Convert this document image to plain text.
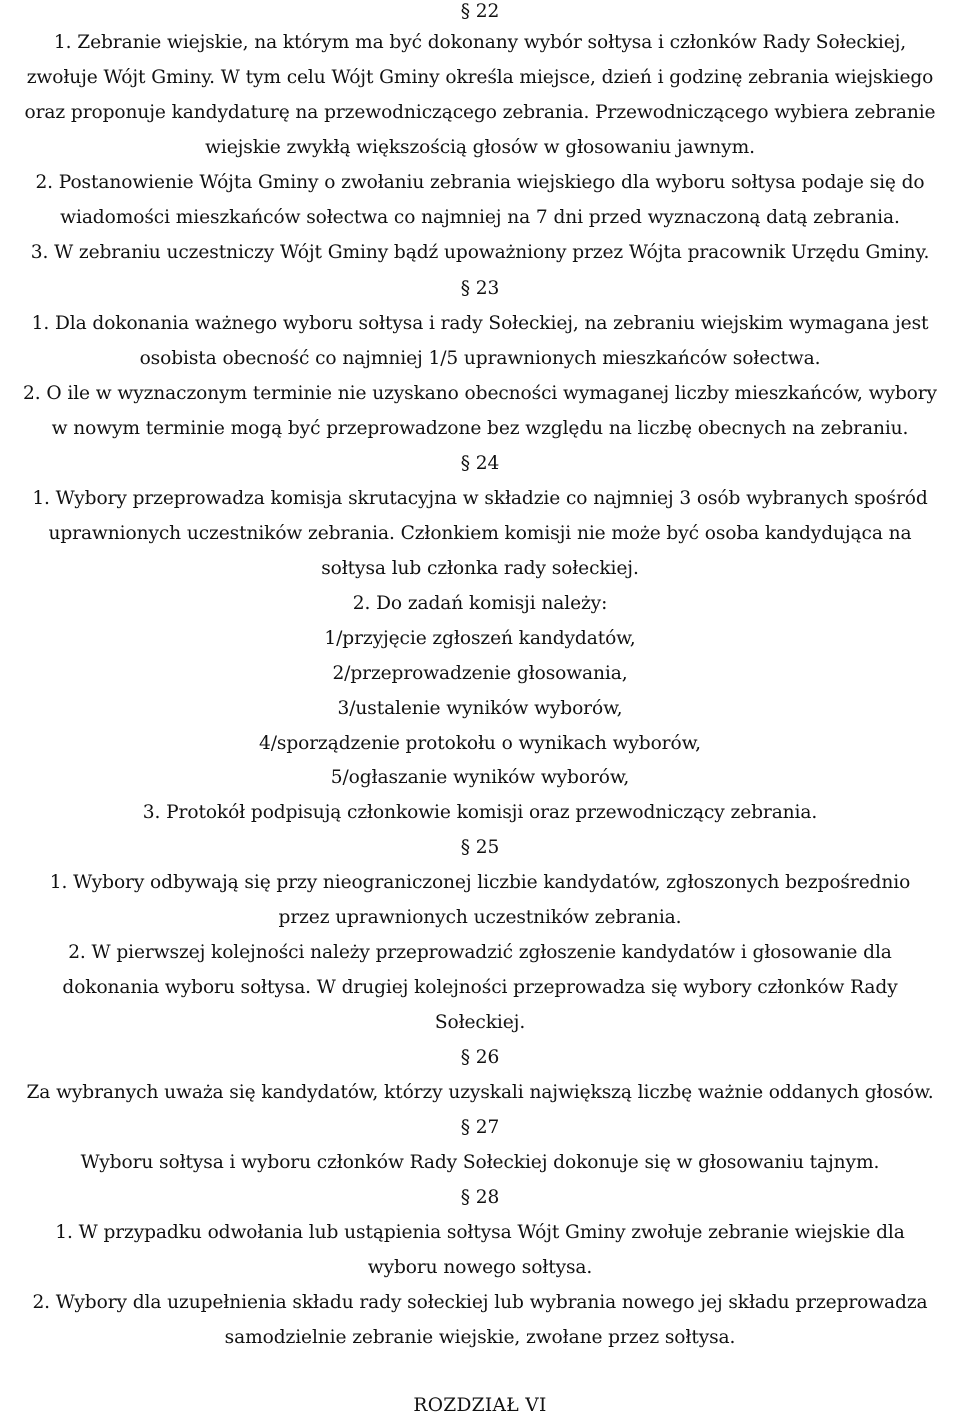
§ 22
1. Zebranie wiejskie, na którym ma być dokonany wybór sołtysa i członków Rady Sołeckiej,
zwołuje Wójt Gminy. W tym celu Wójt Gminy określa miejsce, dzień i godzinę zebrania wiejskiego
oraz proponuje kandydaturę na przewodniczącego zebrania. Przewodniczącego wybiera zebranie
wiejskie zwykłą większością głosów w głosowaniu jawnym.
2. Postanowienie Wójta Gminy o zwołaniu zebrania wiejskiego dla wyboru sołtysa podaje się do
wiadomości mieszkańców sołectwa co najmniej na 7 dni przed wyznaczoną datą zebrania.
3. W zebraniu uczestniczy Wójt Gminy bądź upoważniony przez Wójta pracownik Urzędu Gminy.
§ 23
1. Dla dokonania ważnego wyboru sołtysa i rady Sołeckiej, na zebraniu wiejskim wymagana jest
osobista obecność co najmniej 1/5 uprawnionych mieszkańców sołectwa.
2. O ile w wyznaczonym terminie nie uzyskano obecności wymaganej liczby mieszkańców, wybory
w nowym terminie mogą być przeprowadzone bez względu na liczbę obecnych na zebraniu.
§ 24
1. Wybory przeprowadza komisja skrutacyjna w składzie co najmniej 3 osób wybranych spośród
uprawnionych uczestników zebrania. Członkiem komisji nie może być osoba kandydująca na
sołtysa lub członka rady sołeckiej.
2. Do zadań komisji należy:
1/przyjęcie zgłoszeń kandydatów,
2/przeprowadzenie głosowania,
3/ustalenie wyników wyborów,
4/sporządzenie protokołu o wynikach wyborów,
5/ogłaszanie wyników wyborów,
3. Protokół podpisują członkowie komisji oraz przewodniczący zebrania.
§ 25
1. Wybory odbywają się przy nieograniczonej liczbie kandydatów, zgłoszonych bezpośrednio
przez uprawnionych uczestników zebrania.
2. W pierwszej kolejności należy przeprowadzić zgłoszenie kandydatów i głosowanie dla
dokonania wyboru sołtysa. W drugiej kolejności przeprowadza się wybory członków Rady
Sołeckiej.
§ 26
Za wybranych uważa się kandydatów, którzy uzyskali największą liczbę ważnie oddanych głosów.
§ 27
Wyboru sołtysa i wyboru członków Rady Sołeckiej dokonuje się w głosowaniu tajnym.
§ 28
1. W przypadku odwołania lub ustąpienia sołtysa Wójt Gminy zwołuje zebranie wiejskie dla
wyboru nowego sołtysa.
2. Wybory dla uzupełnienia składu rady sołeckiej lub wybrania nowego jej składu przeprowadza
samodzielnie zebranie wiejskie, zwołane przez sołtysa.
ROZDZIAŁ VI
